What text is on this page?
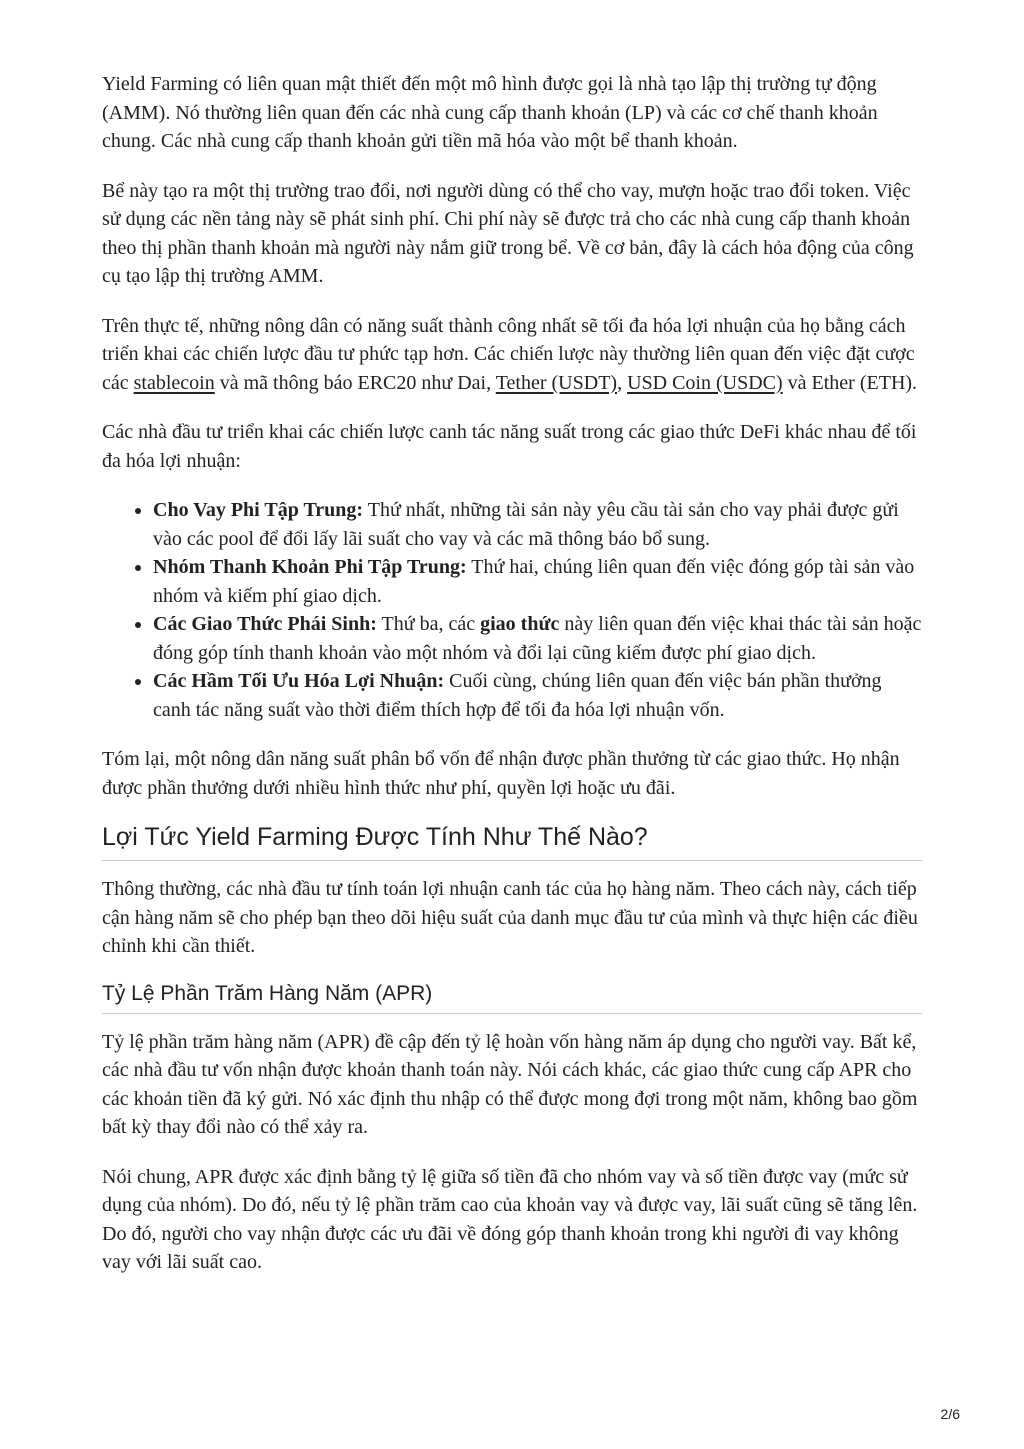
Yield Farming có liên quan mật thiết đến một mô hình được gọi là nhà tạo lập thị trường tự động (AMM). Nó thường liên quan đến các nhà cung cấp thanh khoản (LP) và các cơ chế thanh khoản chung. Các nhà cung cấp thanh khoản gửi tiền mã hóa vào một bể thanh khoản.

Bể này tạo ra một thị trường trao đổi, nơi người dùng có thể cho vay, mượn hoặc trao đổi token. Việc sử dụng các nền tảng này sẽ phát sinh phí. Chi phí này sẽ được trả cho các nhà cung cấp thanh khoản theo thị phần thanh khoản mà người này nắm giữ trong bể. Về cơ bản, đây là cách hỏa động của công cụ tạo lập thị trường AMM.

Trên thực tế, những nông dân có năng suất thành công nhất sẽ tối đa hóa lợi nhuận của họ bằng cách triển khai các chiến lược đầu tư phức tạp hơn. Các chiến lược này thường liên quan đến việc đặt cược các stablecoin và mã thông báo ERC20 như Dai, Tether (USDT), USD Coin (USDC) và Ether (ETH).

Các nhà đầu tư triển khai các chiến lược canh tác năng suất trong các giao thức DeFi khác nhau để tối đa hóa lợi nhuận:

• Cho Vay Phi Tập Trung: Thứ nhất, những tài sản này yêu cầu tài sản cho vay phải được gửi vào các pool để đổi lấy lãi suất cho vay và các mã thông báo bổ sung.
• Nhóm Thanh Khoản Phi Tập Trung: Thứ hai, chúng liên quan đến việc đóng góp tài sản vào nhóm và kiếm phí giao dịch.
• Các Giao Thức Phái Sinh: Thứ ba, các giao thức này liên quan đến việc khai thác tài sản hoặc đóng góp tính thanh khoản vào một nhóm và đổi lại cũng kiếm được phí giao dịch.
• Các Hầm Tối Ưu Hóa Lợi Nhuận: Cuối cùng, chúng liên quan đến việc bán phần thưởng canh tác năng suất vào thời điểm thích hợp để tối đa hóa lợi nhuận vốn.

Tóm lại, một nông dân năng suất phân bổ vốn để nhận được phần thưởng từ các giao thức. Họ nhận được phần thưởng dưới nhiều hình thức như phí, quyền lợi hoặc ưu đãi.

Lợi Tức Yield Farming Được Tính Như Thế Nào?

Thông thường, các nhà đầu tư tính toán lợi nhuận canh tác của họ hàng năm. Theo cách này, cách tiếp cận hàng năm sẽ cho phép bạn theo dõi hiệu suất của danh mục đầu tư của mình và thực hiện các điều chỉnh khi cần thiết.

Tỷ Lệ Phần Trăm Hàng Năm (APR)

Tỷ lệ phần trăm hàng năm (APR) đề cập đến tỷ lệ hoàn vốn hàng năm áp dụng cho người vay. Bất kể, các nhà đầu tư vốn nhận được khoản thanh toán này. Nói cách khác, các giao thức cung cấp APR cho các khoản tiền đã ký gửi. Nó xác định thu nhập có thể được mong đợi trong một năm, không bao gồm bất kỳ thay đổi nào có thể xảy ra.

Nói chung, APR được xác định bằng tỷ lệ giữa số tiền đã cho nhóm vay và số tiền được vay (mức sử dụng của nhóm). Do đó, nếu tỷ lệ phần trăm cao của khoản vay và được vay, lãi suất cũng sẽ tăng lên. Do đó, người cho vay nhận được các ưu đãi về đóng góp thanh khoản trong khi người đi vay không vay với lãi suất cao.

2/6
